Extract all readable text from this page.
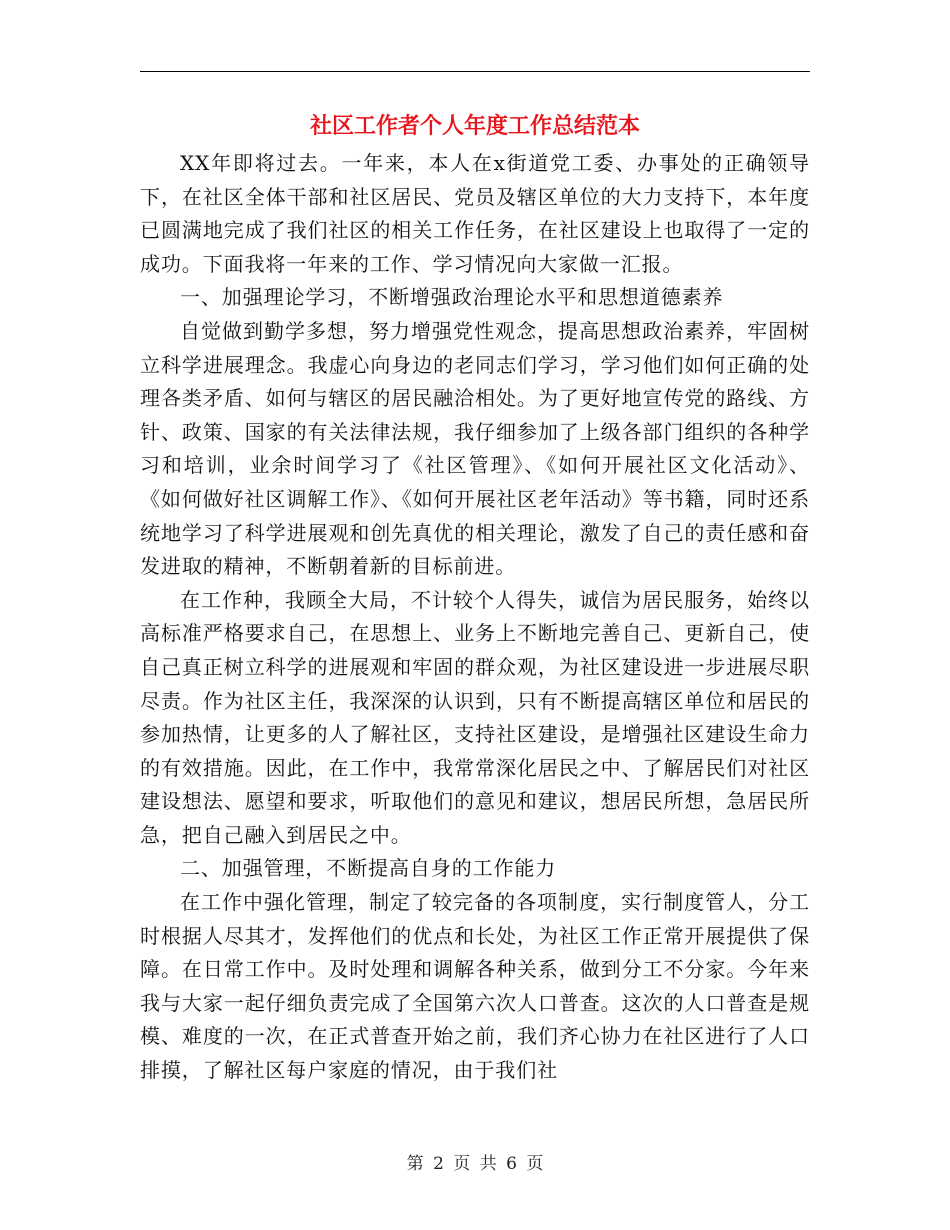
社区工作者个人年度工作总结范本

XX年即将过去。一年来，本人在x街道党工委、办事处的正确领导下，在社区全体干部和社区居民、党员及辖区单位的大力支持下，本年度已圆满地完成了我们社区的相关工作任务，在社区建设上也取得了一定的成功。下面我将一年来的工作、学习情况向大家做一汇报。

一、加强理论学习，不断增强政治理论水平和思想道德素养

自觉做到勤学多想，努力增强党性观念，提高思想政治素养，牢固树立科学进展理念。我虚心向身边的老同志们学习，学习他们如何正确的处理各类矛盾、如何与辖区的居民融洽相处。为了更好地宣传党的路线、方针、政策、国家的有关法律法规，我仔细参加了上级各部门组织的各种学习和培训，业余时间学习了《社区管理》、《如何开展社区文化活动》、《如何做好社区调解工作》、《如何开展社区老年活动》等书籍，同时还系统地学习了科学进展观和创先真优的相关理论，激发了自己的责任感和奋发进取的精神，不断朝着新的目标前进。

在工作种，我顾全大局，不计较个人得失，诚信为居民服务，始终以高标准严格要求自己，在思想上、业务上不断地完善自己、更新自己，使自己真正树立科学的进展观和牢固的群众观，为社区建设进一步进展尽职尽责。作为社区主任，我深深的认识到，只有不断提高辖区单位和居民的参加热情，让更多的人了解社区，支持社区建设，是增强社区建设生命力的有效措施。因此，在工作中，我常常深化居民之中、了解居民们对社区建设想法、愿望和要求，听取他们的意见和建议，想居民所想，急居民所急，把自己融入到居民之中。

二、加强管理，不断提高自身的工作能力

在工作中强化管理，制定了较完备的各项制度，实行制度管人，分工时根据人尽其才，发挥他们的优点和长处，为社区工作正常开展提供了保障。在日常工作中。及时处理和调解各种关系，做到分工不分家。今年来我与大家一起仔细负责完成了全国第六次人口普查。这次的人口普查是规模、难度的一次，在正式普查开始之前，我们齐心协力在社区进行了人口排摸，了解社区每户家庭的情况，由于我们社

第 2 页 共 6 页
